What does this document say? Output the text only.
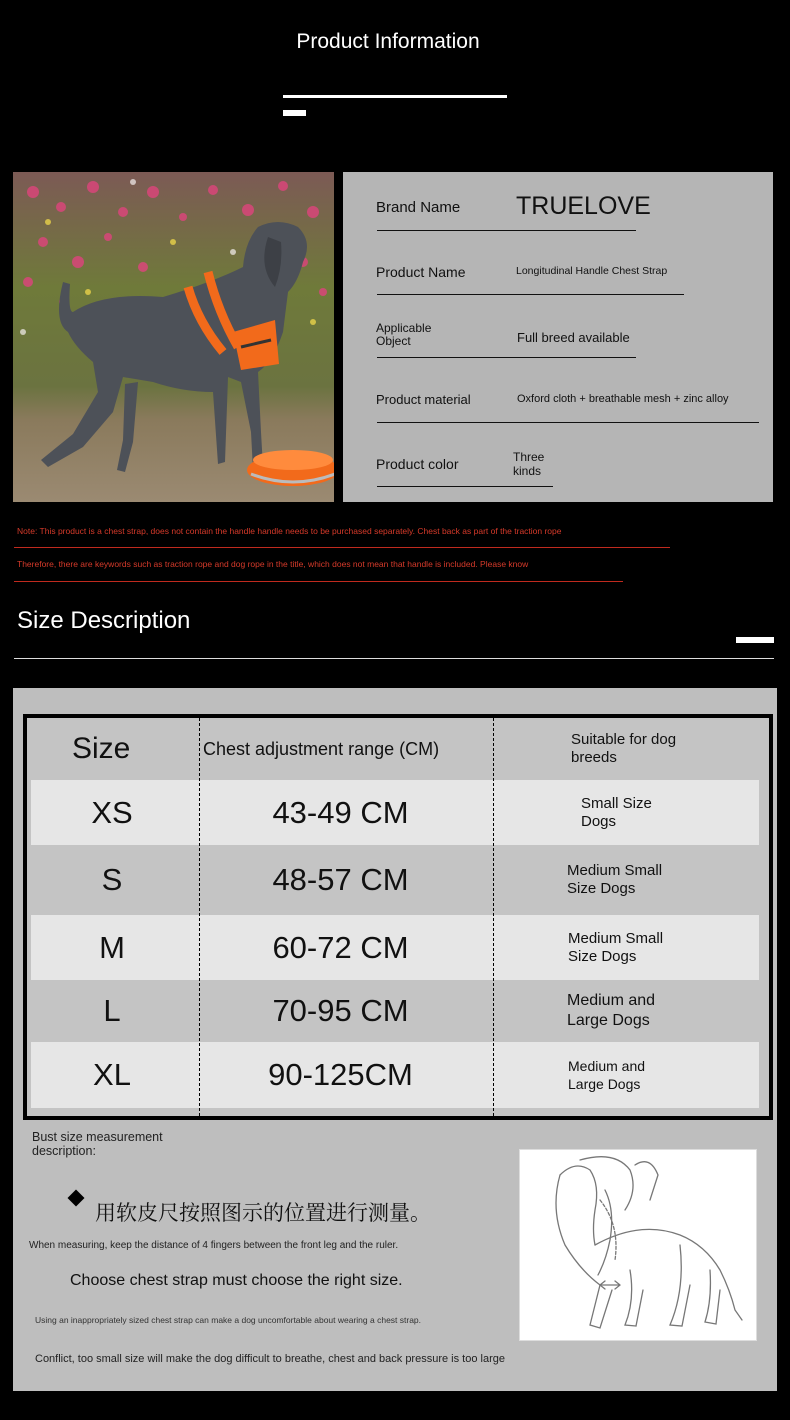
Product Information
Brand Name TRUELOVE
Product Name	Longitudinal Handle Chest Strap
Applicable
Object	Full breed available
Product material	Oxford cloth + breathable mesh + zinc alloy
Product color	Three
kinds
Note: This product is a chest strap, does not contain the handle handle needs to be purchased separately. Chest back as part of the traction rope
Therefore, there are keywords such as traction rope and dog rope in the title, which does not mean that handle is included. Please know
Size Description
Size	Chest adjustment range (CM)	Suitable for dog
breeds
XS	43-49 CM	Small Size
Dogs
S	48-57 CM	Medium Small
Size Dogs
M	60-72 CM	Medium Small
Size Dogs
L	70-95 CM	Medium and
Large Dogs
XL	90-125CM	Medium and
Large Dogs
Bust size measurement
description:
用软皮尺按照图示的位置进行测量。
When measuring, keep the distance of 4 fingers between the front leg and the ruler.
Choose chest strap must choose the right size.
Using an inappropriately sized chest strap can make a dog uncomfortable about wearing a chest strap.
Conflict, too small size will make the dog difficult to breathe, chest and back pressure is too large
